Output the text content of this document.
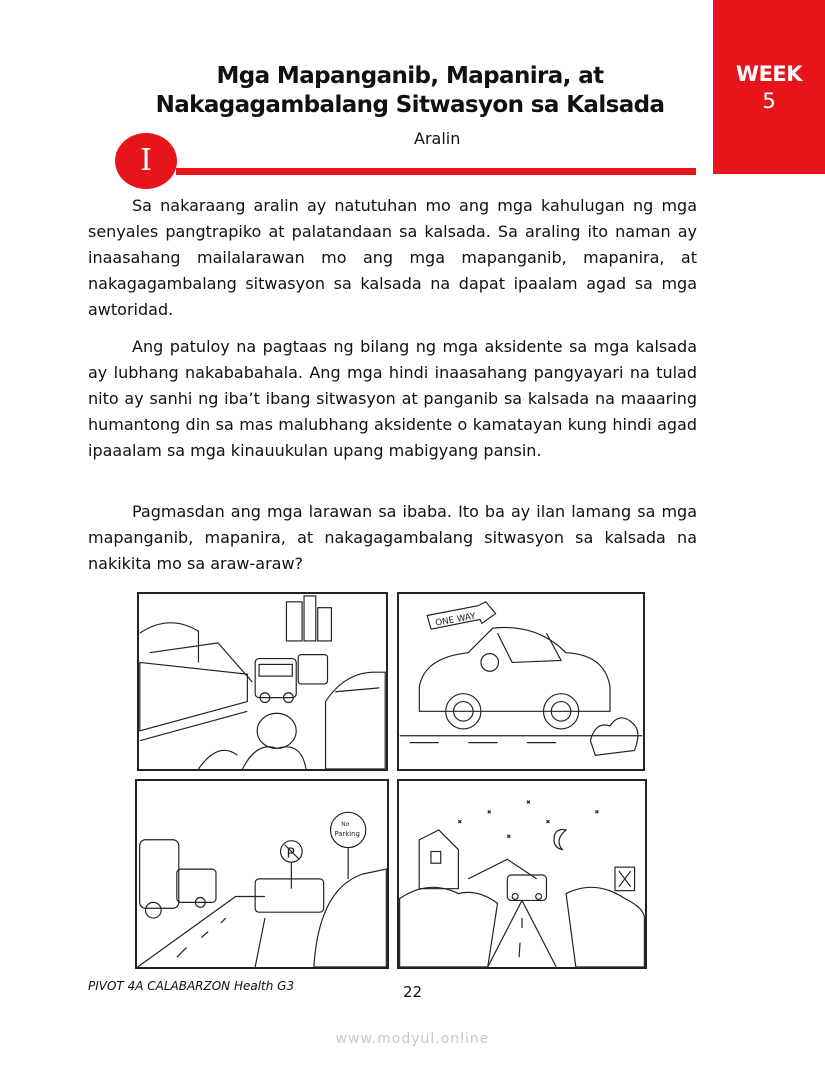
WEEK
5
Mga Mapanganib, Mapanira, at
Nakagagambalang Sitwasyon sa Kalsada
Aralin
I

Sa nakaraang aralin ay natutuhan mo ang mga kahulugan ng mga senyales pangtrapiko at palatandaan sa kalsada. Sa araling ito naman ay inaasahang mailalarawan mo ang mga mapanganib, mapanira, at nakagagambalang sitwasyon sa kalsada na dapat ipaalam agad sa mga awtoridad.

Ang patuloy na pagtaas ng bilang ng mga aksidente sa mga kalsada ay lubhang nakababahala. Ang mga hindi inaasahang pangyayari na tulad nito ay sanhi ng iba’t ibang sitwasyon at panganib sa kalsada na maaaring humantong din sa mas malubhang aksidente o kamatayan kung hindi agad ipaaalam sa mga kinauukulan upang mabigyang pansin.

Pagmasdan ang mga larawan sa ibaba. Ito ba ay ilan lamang sa mga mapanganib, mapanira, at nakagagambalang sitwasyon sa kalsada na nakikita mo sa araw-araw?

ONE WAY
P
No
Parking
PIVOT 4A CALABARZON Health G3	22
www.modyul.online
